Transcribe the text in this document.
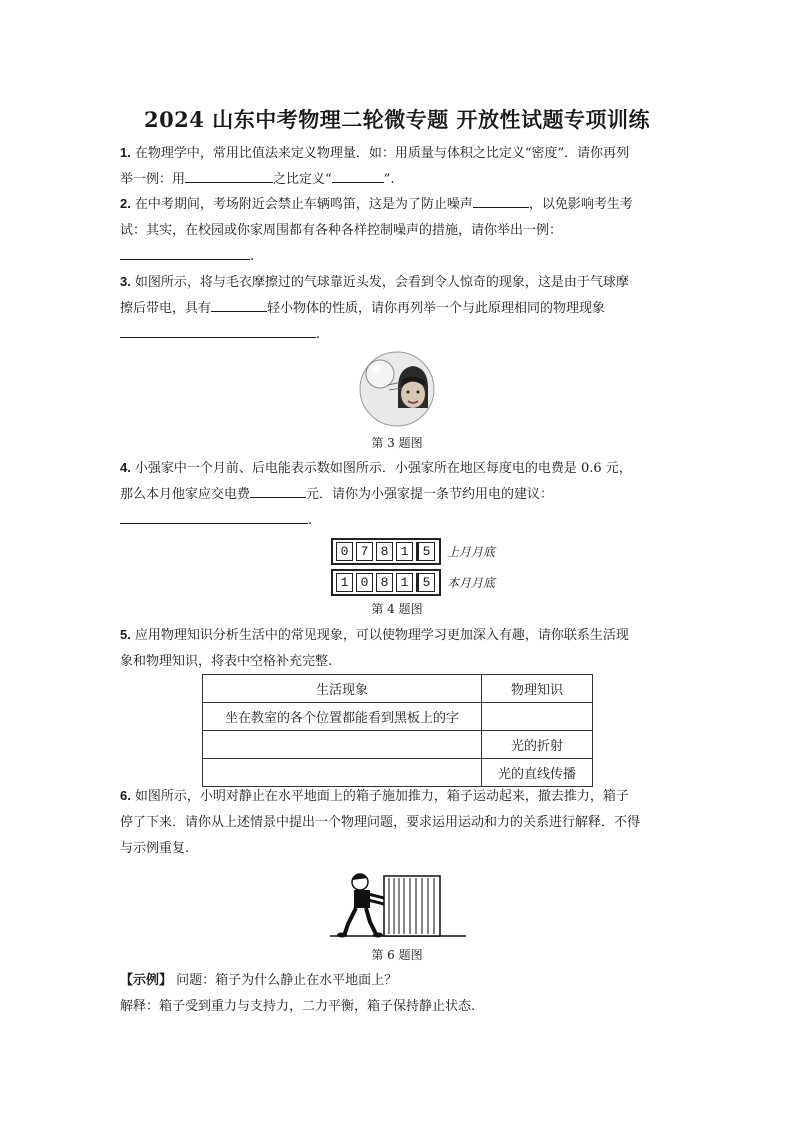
2024 山东中考物理二轮微专题 开放性试题专项训练
1. 在物理学中，常用比值法来定义物理量．如：用质量与体积之比定义“密度”．请你再列
举一例：用	之比定义“	”.
2. 在中考期间，考场附近会禁止车辆鸣笛，这是为了防止噪声	，以免影响考生考
试：其实，在校园或你家周围都有各种各样控制噪声的措施，请你举出一例：
.
3. 如图所示，将与毛衣摩擦过的气球靠近头发，会看到令人惊奇的现象，这是由于气球摩
擦后带电，具有	轻小物体的性质，请你再列举一个与此原理相同的物理现象
.
第 3 题图
4. 小强家中一个月前、后电能表示数如图所示．小强家所在地区每度电的电费是 0.6 元，
那么本月他家应交电费	元．请你为小强家提一条节约用电的建议：
.
0 7 8 1	5	上月月底
1 0 8 1	5	本月月底
第 4 题图
5. 应用物理知识分析生活中的常见现象，可以使物理学习更加深入有趣，请你联系生活现
象和物理知识，将表中空格补充完整.
生活现象	物理知识
坐在教室的各个位置都能看到黑板上的字	
	光的折射
	光的直线传播
6. 如图所示，小明对静止在水平地面上的箱子施加推力，箱子运动起来，撤去推力，箱子
停了下来．请你从上述情景中提出一个物理问题，要求运用运动和力的关系进行解释．不得
与示例重复.
第 6 题图
【示例】 问题：箱子为什么静止在水平地面上？
解释：箱子受到重力与支持力，二力平衡，箱子保持静止状态.
